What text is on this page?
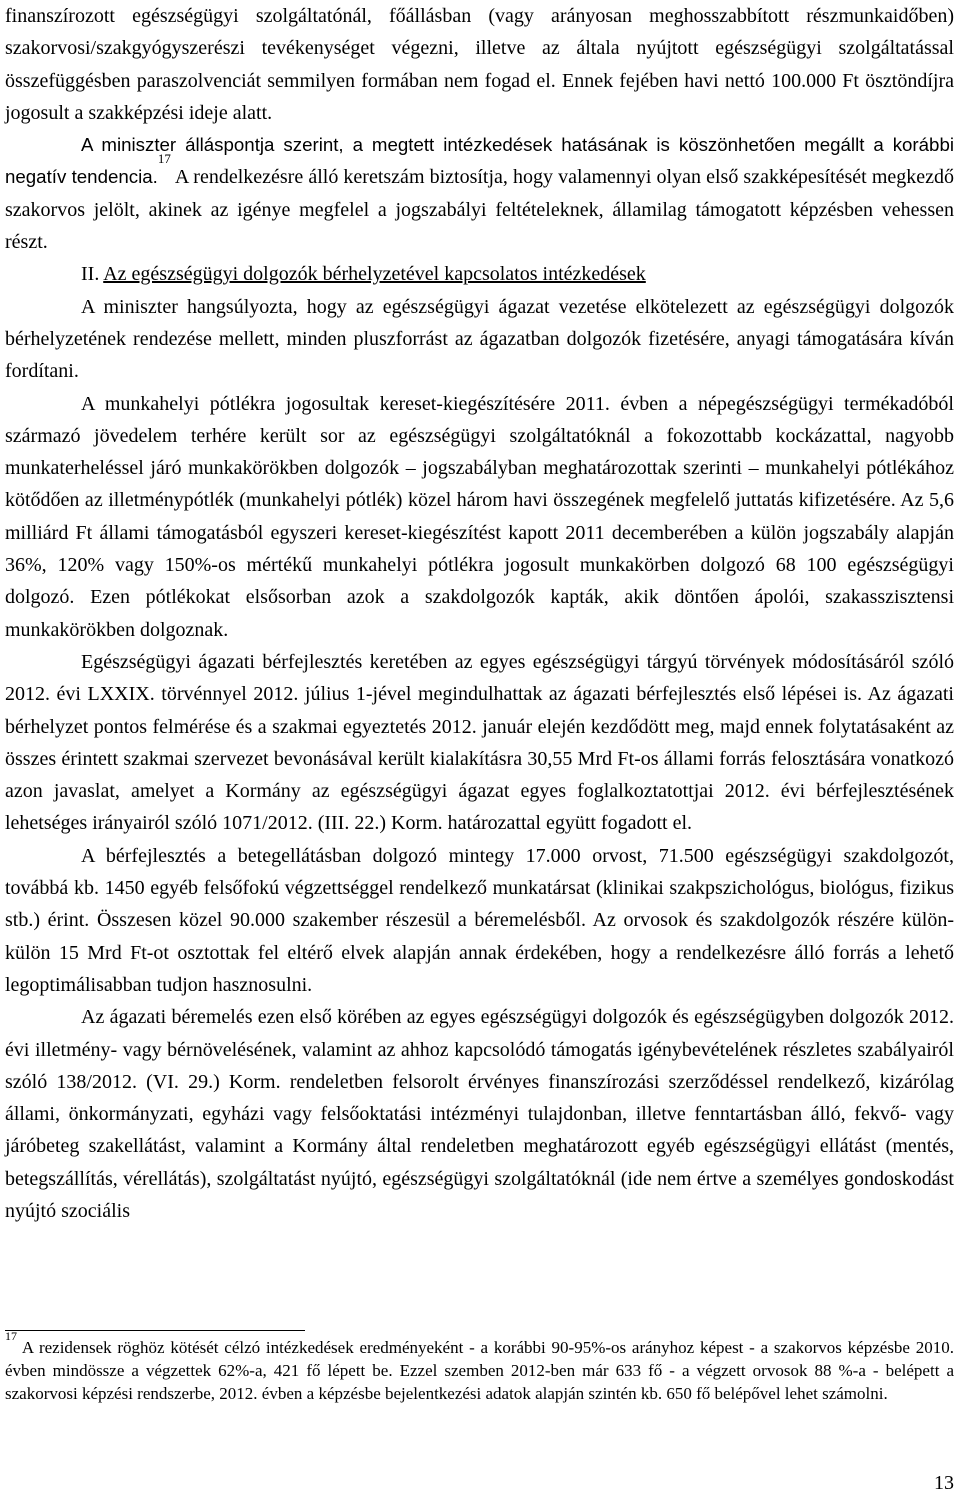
finanszírozott egészségügyi szolgáltatónál, főállásban (vagy arányosan meghosszabbított részmunkaidőben) szakorvosi/szakgyógyszerészi tevékenységet végezni, illetve az általa nyújtott egészségügyi szolgáltatással összefüggésben paraszolvenciát semmilyen formában nem fogad el. Ennek fejében havi nettó 100.000 Ft ösztöndíjra jogosult a szakképzési ideje alatt.

A miniszter álláspontja szerint, a megtett intézkedések hatásának is köszönhetően megállt a korábbi negatív tendencia.$^{17}$ A rendelkezésre álló keretszám biztosítja, hogy valamennyi olyan első szakképesítését megkezdő szakorvos jelölt, akinek az igénye megfelel a jogszabályi feltételeknek, államilag támogatott képzésben vehessen részt.

II. Az egészségügyi dolgozók bérhelyzetével kapcsolatos intézkedések

A miniszter hangsúlyozta, hogy az egészségügyi ágazat vezetése elkötelezett az egészségügyi dolgozók bérhelyzetének rendezése mellett, minden pluszforrást az ágazatban dolgozók fizetésére, anyagi támogatására kíván fordítani.

A munkahelyi pótlékra jogosultak kereset-kiegészítésére 2011. évben a népegészségügyi termékadóból származó jövedelem terhére került sor az egészségügyi szolgáltatóknál a fokozottabb kockázattal, nagyobb munkaterheléssel járó munkakörökben dolgozók – jogszabályban meghatározottak szerinti – munkahelyi pótlékához kötődően az illetménypótlék (munkahelyi pótlék) közel három havi összegének megfelelő juttatás kifizetésére. Az 5,6 milliárd Ft állami támogatásból egyszeri kereset-kiegészítést kapott 2011 decemberében a külön jogszabály alapján 36%, 120% vagy 150%-os mértékű munkahelyi pótlékra jogosult munkakörben dolgozó 68 100 egészségügyi dolgozó. Ezen pótlékokat elsősorban azok a szakdolgozók kapták, akik döntően ápolói, szakasszisztensi munkakörökben dolgoznak.

Egészségügyi ágazati bérfejlesztés keretében az egyes egészségügyi tárgyú törvények módosításáról szóló 2012. évi LXXIX. törvénnyel 2012. július 1-jével megindulhattak az ágazati bérfejlesztés első lépései is. Az ágazati bérhelyzet pontos felmérése és a szakmai egyeztetés 2012. január elején kezdődött meg, majd ennek folytatásaként az összes érintett szakmai szervezet bevonásával került kialakításra 30,55 Mrd Ft-os állami forrás felosztására vonatkozó azon javaslat, amelyet a Kormány az egészségügyi ágazat egyes foglalkoztatottjai 2012. évi bérfejlesztésének lehetséges irányairól szóló 1071/2012. (III. 22.) Korm. határozattal együtt fogadott el.

A bérfejlesztés a betegellátásban dolgozó mintegy 17.000 orvost, 71.500 egészségügyi szakdolgozót, továbbá kb. 1450 egyéb felsőfokú végzettséggel rendelkező munkatársat (klinikai szakpszichológus, biológus, fizikus stb.) érint. Összesen közel 90.000 szakember részesül a béremelésből. Az orvosok és szakdolgozók részére külön-külön 15 Mrd Ft-ot osztottak fel eltérő elvek alapján annak érdekében, hogy a rendelkezésre álló forrás a lehető legoptimálisabban tudjon hasznosulni.

Az ágazati béremelés ezen első körében az egyes egészségügyi dolgozók és egészségügyben dolgozók 2012. évi illetmény- vagy bérnövelésének, valamint az ahhoz kapcsolódó támogatás igénybevételének részletes szabályairól szóló 138/2012. (VI. 29.) Korm. rendeletben felsorolt érvényes finanszírozási szerződéssel rendelkező, kizárólag állami, önkormányzati, egyházi vagy felsőoktatási intézményi tulajdonban, illetve fenntartásban álló, fekvő- vagy járóbeteg szakellátást, valamint a Kormány által rendeletben meghatározott egyéb egészségügyi ellátást (mentés, betegszállítás, vérellátás), szolgáltatást nyújtó, egészségügyi szolgáltatóknál (ide nem értve a személyes gondoskodást nyújtó szociális

$^{17}$ A rezidensek röghöz kötését célzó intézkedések eredményeként - a korábbi 90-95%-os arányhoz képest - a szakorvos képzésbe 2010. évben mindössze a végzettek 62%-a, 421 fő lépett be. Ezzel szemben 2012-ben már 633 fő - a végzett orvosok 88 %-a - belépett a szakorvosi képzési rendszerbe, 2012. évben a képzésbe bejelentkezési adatok alapján szintén kb. 650 fő belépővel lehet számolni.
13
